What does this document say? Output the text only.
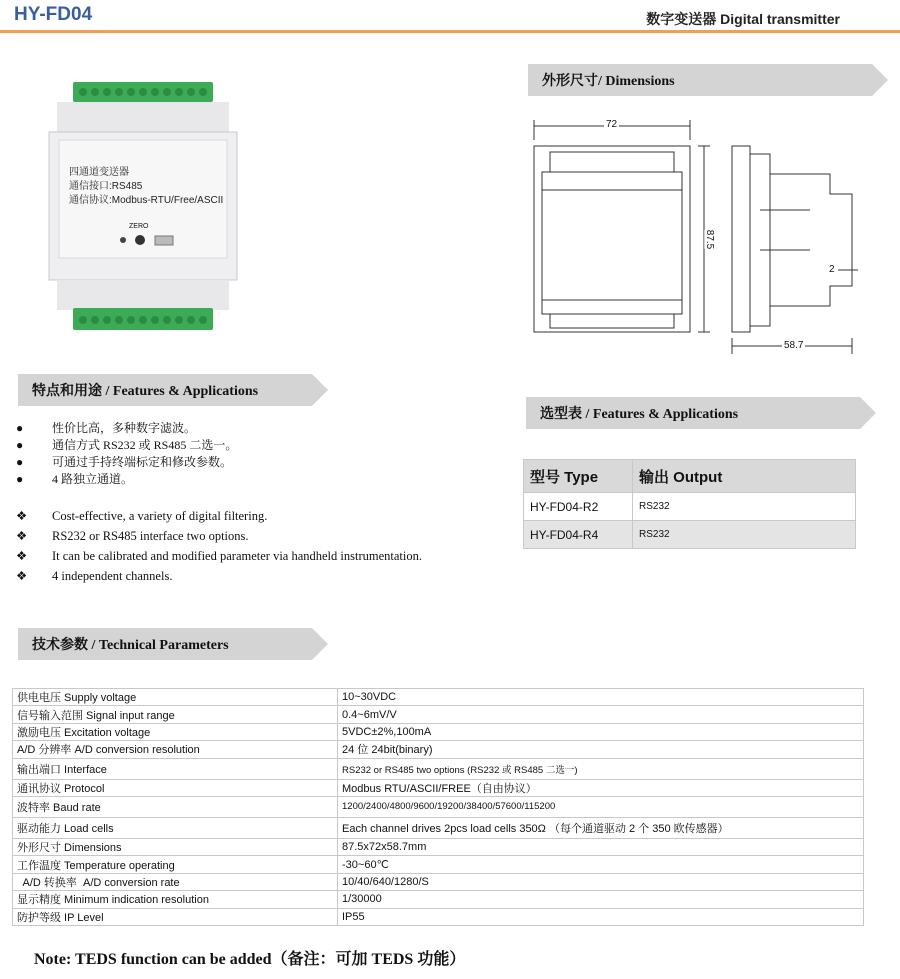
HY-FD04	数字变送器 Digital transmitter
四通道变送器
通信接口:RS485
通信协议:Modbus-RTU/Free/ASCII
ZERO
外形尺寸/ Dimensions
72
87.5
58.7
2
特点和用途 / Features & Applications
●	性价比高，多种数字滤波。
●	通信方式 RS232 或 RS485 二选一。
●	可通过手持终端标定和修改参数。
●	4 路独立通道。
❖	Cost-effective, a variety of digital filtering.
❖	RS232 or RS485 interface two options.
❖	It can be calibrated and modified parameter via handheld instrumentation.
❖	4 independent channels.
选型表 / Features & Applications
型号 Type	输出 Output
HY-FD04-R2	RS232
HY-FD04-R4	RS232
技术参数 / Technical Parameters
供电电压 Supply voltage	10~30VDC
信号输入范围 Signal input range	0.4~6mV/V
激励电压 Excitation voltage	5VDC±2%,100mA
A/D 分辨率 A/D conversion resolution	24 位 24bit(binary)
输出端口 Interface	RS232 or RS485 two options (RS232 或 RS485 二选一)
通讯协议 Protocol	Modbus RTU/ASCII/FREE（自由协议）
波特率 Baud rate	1200/2400/4800/9600/19200/38400/57600/115200
驱动能力 Load cells	Each channel drives 2pcs load cells 350Ω （每个通道驱动 2 个 350 欧传感器）
外形尺寸 Dimensions	87.5x72x58.7mm
工作温度 Temperature operating	-30~60℃
A/D 转换率  A/D conversion rate	10/40/640/1280/S
显示精度 Minimum indication resolution	1/30000
防护等级 IP Level	IP55
Note: TEDS function can be added（备注：可加 TEDS 功能）
